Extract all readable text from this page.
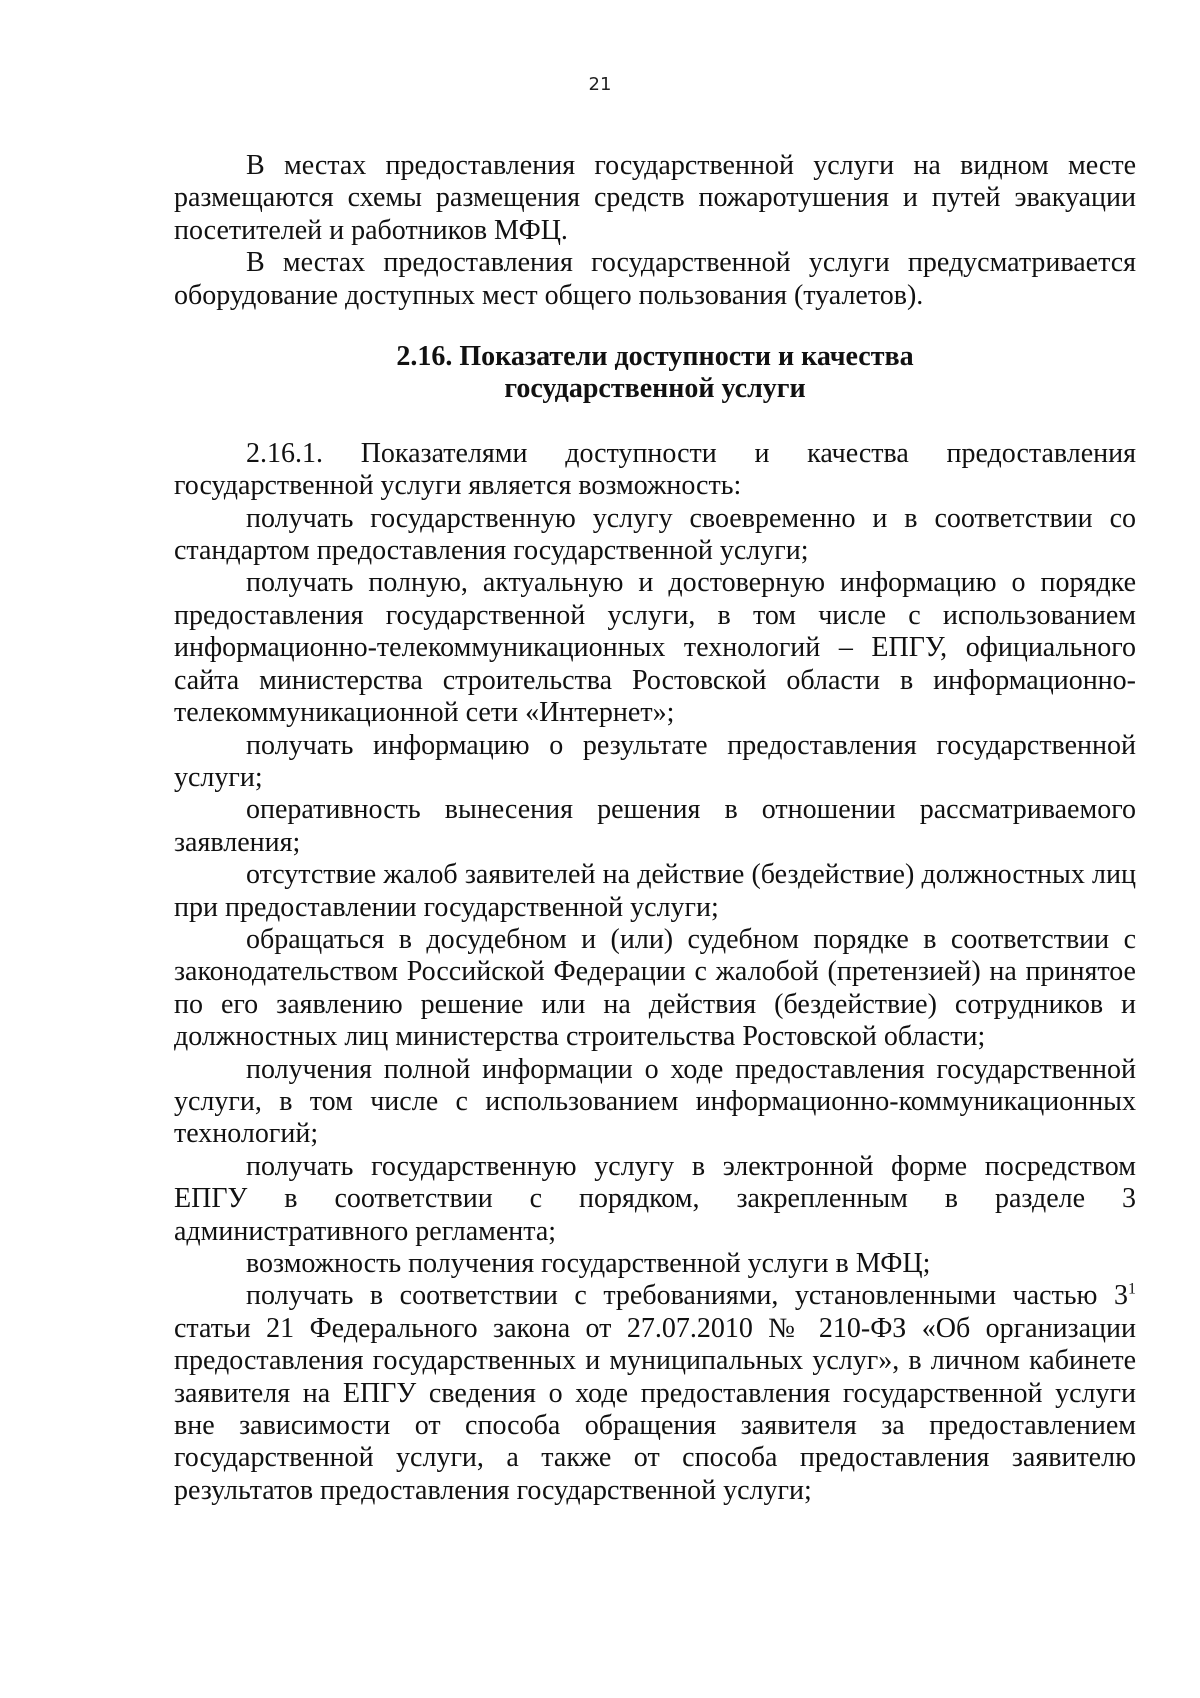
21

В местах предоставления государственной услуги на видном месте размещаются схемы размещения средств пожаротушения и путей эвакуации посетителей и работников МФЦ.

В местах предоставления государственной услуги предусматривается оборудование доступных мест общего пользования (туалетов).

2.16. Показатели доступности и качества
государственной услуги

2.16.1. Показателями доступности и качества предоставления государственной услуги является возможность:

получать государственную услугу своевременно и в соответствии со стандартом предоставления государственной услуги;

получать полную, актуальную и достоверную информацию о порядке предоставления государственной услуги, в том числе с использованием информационно-телекоммуникационных технологий – ЕПГУ, официального сайта министерства строительства Ростовской области в информационно-телекоммуникационной сети «Интернет»;

получать информацию о результате предоставления государственной услуги;

оперативность вынесения решения в отношении рассматриваемого заявления;

отсутствие жалоб заявителей на действие (бездействие) должностных лиц при предоставлении государственной услуги;

обращаться в досудебном и (или) судебном порядке в соответствии с законодательством Российской Федерации с жалобой (претензией) на принятое по его заявлению решение или на действия (бездействие) сотрудников и должностных лиц министерства строительства Ростовской области;

получения полной информации о ходе предоставления государственной услуги, в том числе с использованием информационно-коммуникационных технологий;

получать государственную услугу в электронной форме посредством ЕПГУ в соответствии с порядком, закрепленным в разделе 3 административного регламента;

возможность получения государственной услуги в МФЦ;

получать в соответствии с требованиями, установленными частью $3^1$ статьи 21 Федерального закона от 27.07.2010 № 210-ФЗ «Об организации предоставления государственных и муниципальных услуг», в личном кабинете заявителя на ЕПГУ сведения о ходе предоставления государственной услуги вне зависимости от способа обращения заявителя за предоставлением государственной услуги, а также от способа предоставления заявителю результатов предоставления государственной услуги;
